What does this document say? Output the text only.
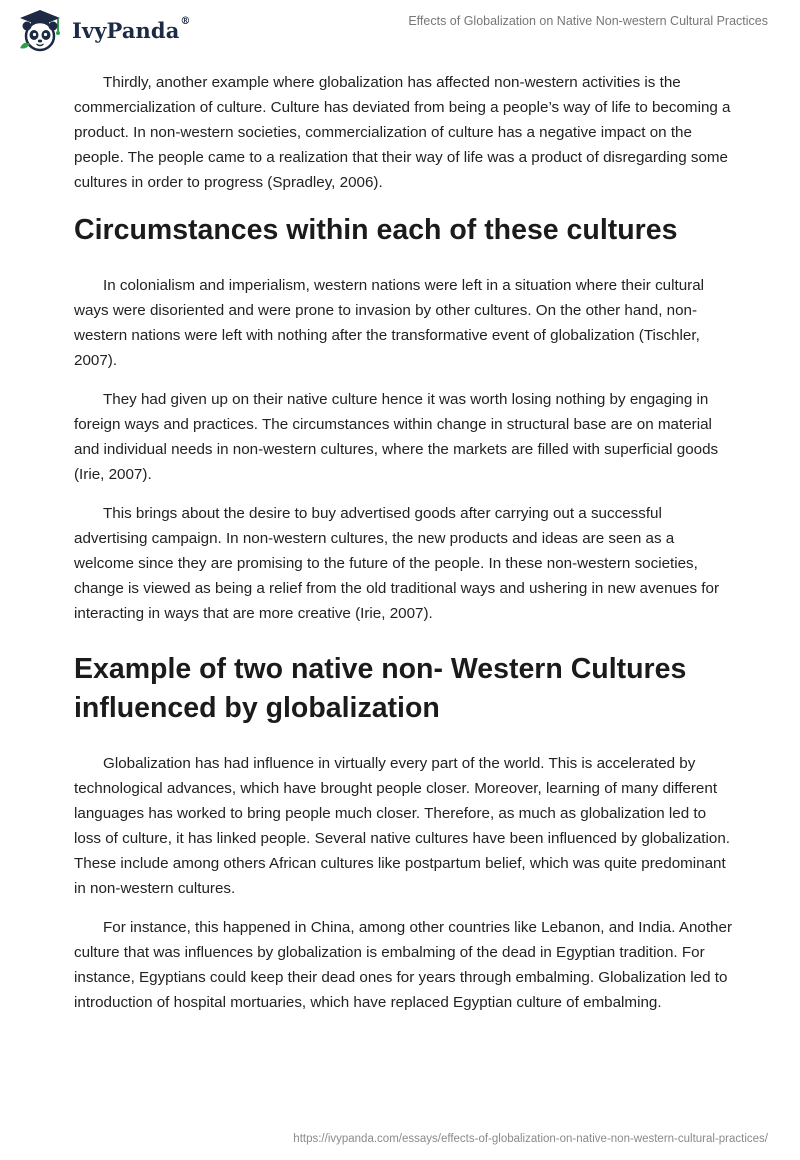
IvyPanda®	Effects of Globalization on Native Non-western Cultural Practices

Thirdly, another example where globalization has affected non-western activities is the commercialization of culture. Culture has deviated from being a people’s way of life to becoming a product. In non-western societies, commercialization of culture has a negative impact on the people. The people came to a realization that their way of life was a product of disregarding some cultures in order to progress (Spradley, 2006).

Circumstances within each of these cultures

In colonialism and imperialism, western nations were left in a situation where their cultural ways were disoriented and were prone to invasion by other cultures. On the other hand, non-western nations were left with nothing after the transformative event of globalization (Tischler, 2007).

They had given up on their native culture hence it was worth losing nothing by engaging in foreign ways and practices. The circumstances within change in structural base are on material and individual needs in non-western cultures, where the markets are filled with superficial goods (Irie, 2007).

This brings about the desire to buy advertised goods after carrying out a successful advertising campaign. In non-western cultures, the new products and ideas are seen as a welcome since they are promising to the future of the people. In these non-western societies, change is viewed as being a relief from the old traditional ways and ushering in new avenues for interacting in ways that are more creative (Irie, 2007).

Example of two native non- Western Cultures influenced by globalization

Globalization has had influence in virtually every part of the world. This is accelerated by technological advances, which have brought people closer. Moreover, learning of many different languages has worked to bring people much closer. Therefore, as much as globalization led to loss of culture, it has linked people. Several native cultures have been influenced by globalization. These include among others African cultures like postpartum belief, which was quite predominant in non-western cultures.

For instance, this happened in China, among other countries like Lebanon, and India. Another culture that was influences by globalization is embalming of the dead in Egyptian tradition. For instance, Egyptians could keep their dead ones for years through embalming. Globalization led to introduction of hospital mortuaries, which have replaced Egyptian culture of embalming.

https://ivypanda.com/essays/effects-of-globalization-on-native-non-western-cultural-practices/
